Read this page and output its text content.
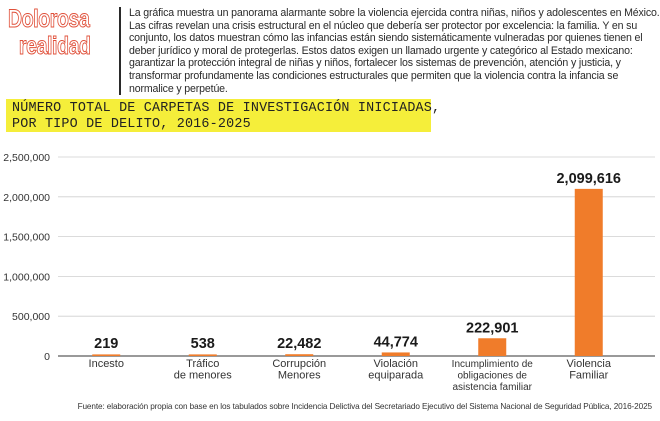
Dolorosa
realidad
La gráfica muestra un panorama alarmante sobre la violencia ejercida contra niñas, niños y adolescentes en México. Las cifras revelan una crisis estructural en el núcleo que debería ser protector por excelencia: la familia. Y en su conjunto, los datos muestran cómo las infancias están siendo sistemáticamente vulneradas por quienes tienen el deber jurídico y moral de protegerlas. Estos datos exigen un llamado urgente y categórico al Estado mexicano: garantizar la protección integral de niñas y niños, fortalecer los sistemas de prevención, atención y justicia, y transformar profundamente las condiciones estructurales que permiten que la violencia contra la infancia se normalice y perpetúe.
NÚMERO TOTAL DE CARPETAS DE INVESTIGACIÓN INICIADAS,
POR TIPO DE DELITO, 2016-2025
0
500,000
1,000,000
1,500,000
2,000,000
2,500,000
219
Incesto
538
Tráfico
de menores
22,482
Corrupción
Menores
44,774
Violación
equiparada
222,901
Incumplimiento de
obligaciones de
asistencia familiar
2,099,616
Violencia
Familiar
Fuente: elaboración propia con base en los tabulados sobre Incidencia Delictiva del Secretariado Ejecutivo del Sistema Nacional de Seguridad Pública, 2016-2025
